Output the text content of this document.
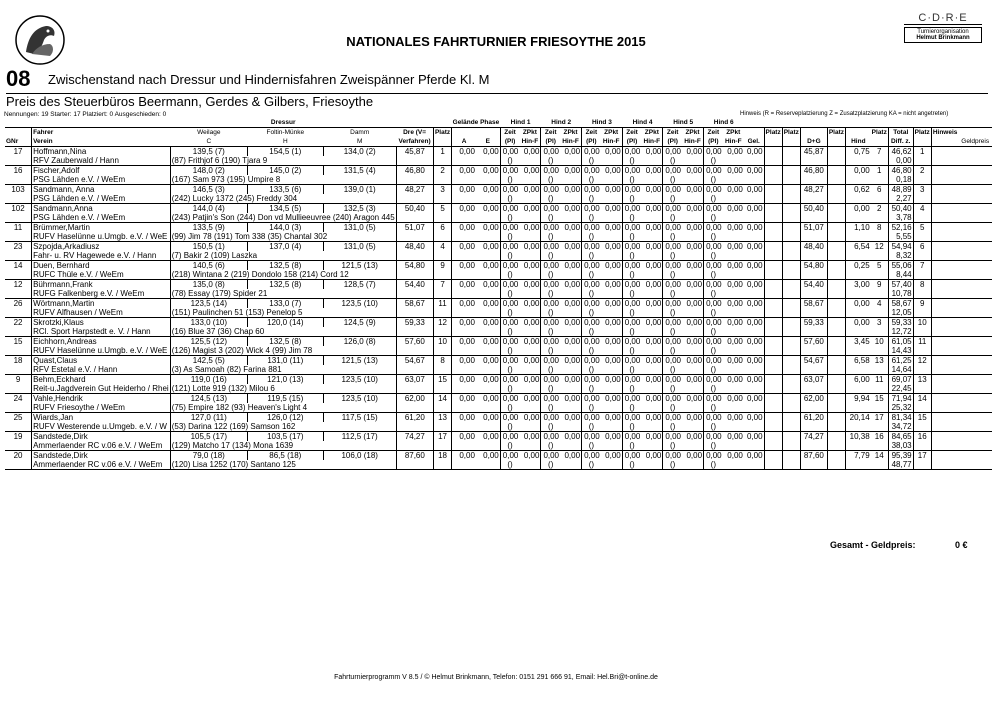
NATIONALES FAHRTURNIER FRIESOYTHE 2015
C·D·R·E
Turnierorganisation
Helmut Brinkmann
08 Zwischenstand nach Dressur und Hindernisfahren Zweispänner Pferde Kl. M
Preis des Steuerbüros Beermann, Gerdes & Gilbers, Friesoythe
Nennungen: 19 Starter: 17 Platziert: 0 Ausgeschieden: 0	Hinweis (R = Reserveplatzierung Z = Zusatzplatzierung KA = nicht angetreten)
		Dressur					Gelände Phase		Hind 1		Hind 2		Hind 3		Hind 4		Hind 5		Hind 6												
	Fahrer	Weilage	Foltin-Münke	Damm	Dre (V=	Platz			Zeit	ZPkt	Zeit	ZPkt	Zeit	ZPkt	Zeit	ZPkt	Zeit	ZPkt	Zeit	ZPkt		Platz	Platz		Platz		Platz	Total	Platz	Hinweis	
GNr	Verein	C	H	M	Verfahren)		A	E	(Pl)	Hin-F	(Pl)	Hin-F	(Pl)	Hin-F	(Pl)	Hin-F	(Pl)	Hin-F	(Pl)	Hin-F	Gel.			D+G		Hind		Diff. z.			Geldpreis
17	Hoffmann,Nina	139,5 (7)	154,5 (1)	134,0 (2)	45,87	1	0,00	0,00	0,00	0,00	0,00	0,00	0,00	0,00	0,00	0,00	0,00	0,00	0,00	0,00	0,00			45,87		0,75	7	46,62	1		
	RFV Zauberwald / Hann	(87) Frithjof 6 (190) Tjara 9							()		()		()		()		()		()									0,00			
16	Fischer,Adolf	148,0 (2)	145,0 (2)	131,5 (4)	46,80	2	0,00	0,00	0,00	0,00	0,00	0,00	0,00	0,00	0,00	0,00	0,00	0,00	0,00	0,00	0,00			46,80		0,00	1	46,80	2		
	PSG Lähden e.V. / WeEm	(167) Sam 973 (195) Umpire 8							()		()		()		()		()		()									0,18			
103	Sandmann, Anna	146,5 (3)	133,5 (6)	139,0 (1)	48,27	3	0,00	0,00	0,00	0,00	0,00	0,00	0,00	0,00	0,00	0,00	0,00	0,00	0,00	0,00	0,00			48,27		0,62	6	48,89	3		
	PSG Lähden e.V. / WeEm	(242) Lucky 1372 (245) Freddy 304							()		()		()		()		()		()									2,27			
102	Sandmann,Anna	144,0 (4)	134,5 (5)	132,5 (3)	50,40	5	0,00	0,00	0,00	0,00	0,00	0,00	0,00	0,00	0,00	0,00	0,00	0,00	0,00	0,00	0,00			50,40		0,00	2	50,40	4		
	PSG Lähden e.V. / WeEm	(243) Patjin's Son (244) Don vd Mullieeuvree (240) Aragon 445							()		()		()		()		()		()									3,78			
11	Brümmer,Martin	133,5 (9)	144,0 (3)	131,0 (5)	51,07	6	0,00	0,00	0,00	0,00	0,00	0,00	0,00	0,00	0,00	0,00	0,00	0,00	0,00	0,00	0,00			51,07		1,10	8	52,16	5		
	RUFV Haselünne u.Umgb. e.V. / WeE	(99) Jim 78 (191) Tom 338 (35) Chantal 302							()		()		()		()		()		()									5,55			
23	Szpojda,Arkadiusz	150,5 (1)	137,0 (4)	131,0 (5)	48,40	4	0,00	0,00	0,00	0,00	0,00	0,00	0,00	0,00	0,00	0,00	0,00	0,00	0,00	0,00	0,00			48,40		6,54	12	54,94	6		
	Fahr- u. RV Hagewede e.V. / Hann	(7) Bakir 2 (109) Laszka							()		()		()		()		()		()									8,32			
14	Duen, Bernhard	140,5 (6)	132,5 (8)	121,5 (13)	54,80	9	0,00	0,00	0,00	0,00	0,00	0,00	0,00	0,00	0,00	0,00	0,00	0,00	0,00	0,00	0,00			54,80		0,25	5	55,06	7		
	RUFC Thüle e.V. / WeEm	(218) Wintana 2 (219) Dondolo 158 (214) Cord 12							()		()		()		()		()		()									8,44			
12	Bührmann,Frank	135,0 (8)	132,5 (8)	128,5 (7)	54,40	7	0,00	0,00	0,00	0,00	0,00	0,00	0,00	0,00	0,00	0,00	0,00	0,00	0,00	0,00	0,00			54,40		3,00	9	57,40	8		
	RUFG Falkenberg e.V. / WeEm	(78) Essay (179) Spider 21							()		()		()		()		()		()									10,78			
26	Wörtmann,Martin	123,5 (14)	133,0 (7)	123,5 (10)	58,67	11	0,00	0,00	0,00	0,00	0,00	0,00	0,00	0,00	0,00	0,00	0,00	0,00	0,00	0,00	0,00			58,67		0,00	4	58,67	9		
	RUFV Alfhausen / WeEm	(151) Paulinchen 51 (153) Penelop 5							()		()		()		()		()		()									12,05			
22	Skrotzki,Klaus	133,0 (10)	120,0 (14)	124,5 (9)	59,33	12	0,00	0,00	0,00	0,00	0,00	0,00	0,00	0,00	0,00	0,00	0,00	0,00	0,00	0,00	0,00			59,33		0,00	3	59,33	10		
	RCl. Sport Harpstedt e. V. / Hann	(16) Blue 37 (36) Chap 60							()		()		()		()		()		()									12,72			
15	Eichhorn,Andreas	125,5 (12)	132,5 (8)	126,0 (8)	57,60	10	0,00	0,00	0,00	0,00	0,00	0,00	0,00	0,00	0,00	0,00	0,00	0,00	0,00	0,00	0,00			57,60		3,45	10	61,05	11		
	RUFV Haselünne u.Umgb. e.V. / WeE	(126) Magist 3 (202) Wick 4 (99) Jim 78							()		()		()		()		()		()									14,43			
18	Quast,Claus	142,5 (5)	131,0 (11)	121,5 (13)	54,67	8	0,00	0,00	0,00	0,00	0,00	0,00	0,00	0,00	0,00	0,00	0,00	0,00	0,00	0,00	0,00			54,67		6,58	13	61,25	12		
	RFV Estetal e.V. / Hann	(3) As Samoah (82) Farina 881							()		()		()		()		()		()									14,64			
9	Behm,Eckhard	119,0 (16)	121,0 (13)	123,5 (10)	63,07	15	0,00	0,00	0,00	0,00	0,00	0,00	0,00	0,00	0,00	0,00	0,00	0,00	0,00	0,00	0,00			63,07		6,00	11	69,07	13		
	Reit-u.Jagdverein Gut Heiderho / Rhei	(121) Lotte 919 (132) Milou 6							()		()		()		()		()		()									22,45			
24	Vahle,Hendrik	124,5 (13)	119,5 (15)	123,5 (10)	62,00	14	0,00	0,00	0,00	0,00	0,00	0,00	0,00	0,00	0,00	0,00	0,00	0,00	0,00	0,00	0,00			62,00		9,94	15	71,94	14		
	RUFV Friesoythe / WeEm	(75) Empire 182 (93) Heaven's Light 4							()		()		()		()		()		()									25,32			
25	Wiards,Jan	127,0 (11)	126,0 (12)	117,5 (15)	61,20	13	0,00	0,00	0,00	0,00	0,00	0,00	0,00	0,00	0,00	0,00	0,00	0,00	0,00	0,00	0,00			61,20		20,14	17	81,34	15		
	RUFV Westerende u.Umgeb. e.V. / W	(53) Darina 122 (169) Samson 162							()		()		()		()		()		()									34,72			
19	Sandstede,Dirk	105,5 (17)	103,5 (17)	112,5 (17)	74,27	17	0,00	0,00	0,00	0,00	0,00	0,00	0,00	0,00	0,00	0,00	0,00	0,00	0,00	0,00	0,00			74,27		10,38	16	84,65	16		
	Ammerlaender RC v.06 e.V. / WeEm	(129) Matcho 17 (134) Mona 1639							()		()		()		()		()		()									38,03			
20	Sandstede,Dirk	79,0 (18)	86,5 (18)	106,0 (18)	87,60	18	0,00	0,00	0,00	0,00	0,00	0,00	0,00	0,00	0,00	0,00	0,00	0,00	0,00	0,00	0,00			87,60		7,79	14	95,39	17		
	Ammerlaender RC v.06 e.V. / WeEm	(120) Lisa 1252 (170) Santano 125							()		()		()		()		()		()									48,77			
Gesamt - Geldpreis:	0 €
Fahrturnierprogramm V 8.5 / © Helmut Brinkmann, Telefon: 0151 291 666 91, Email: Hel.Bri@t-online.de
